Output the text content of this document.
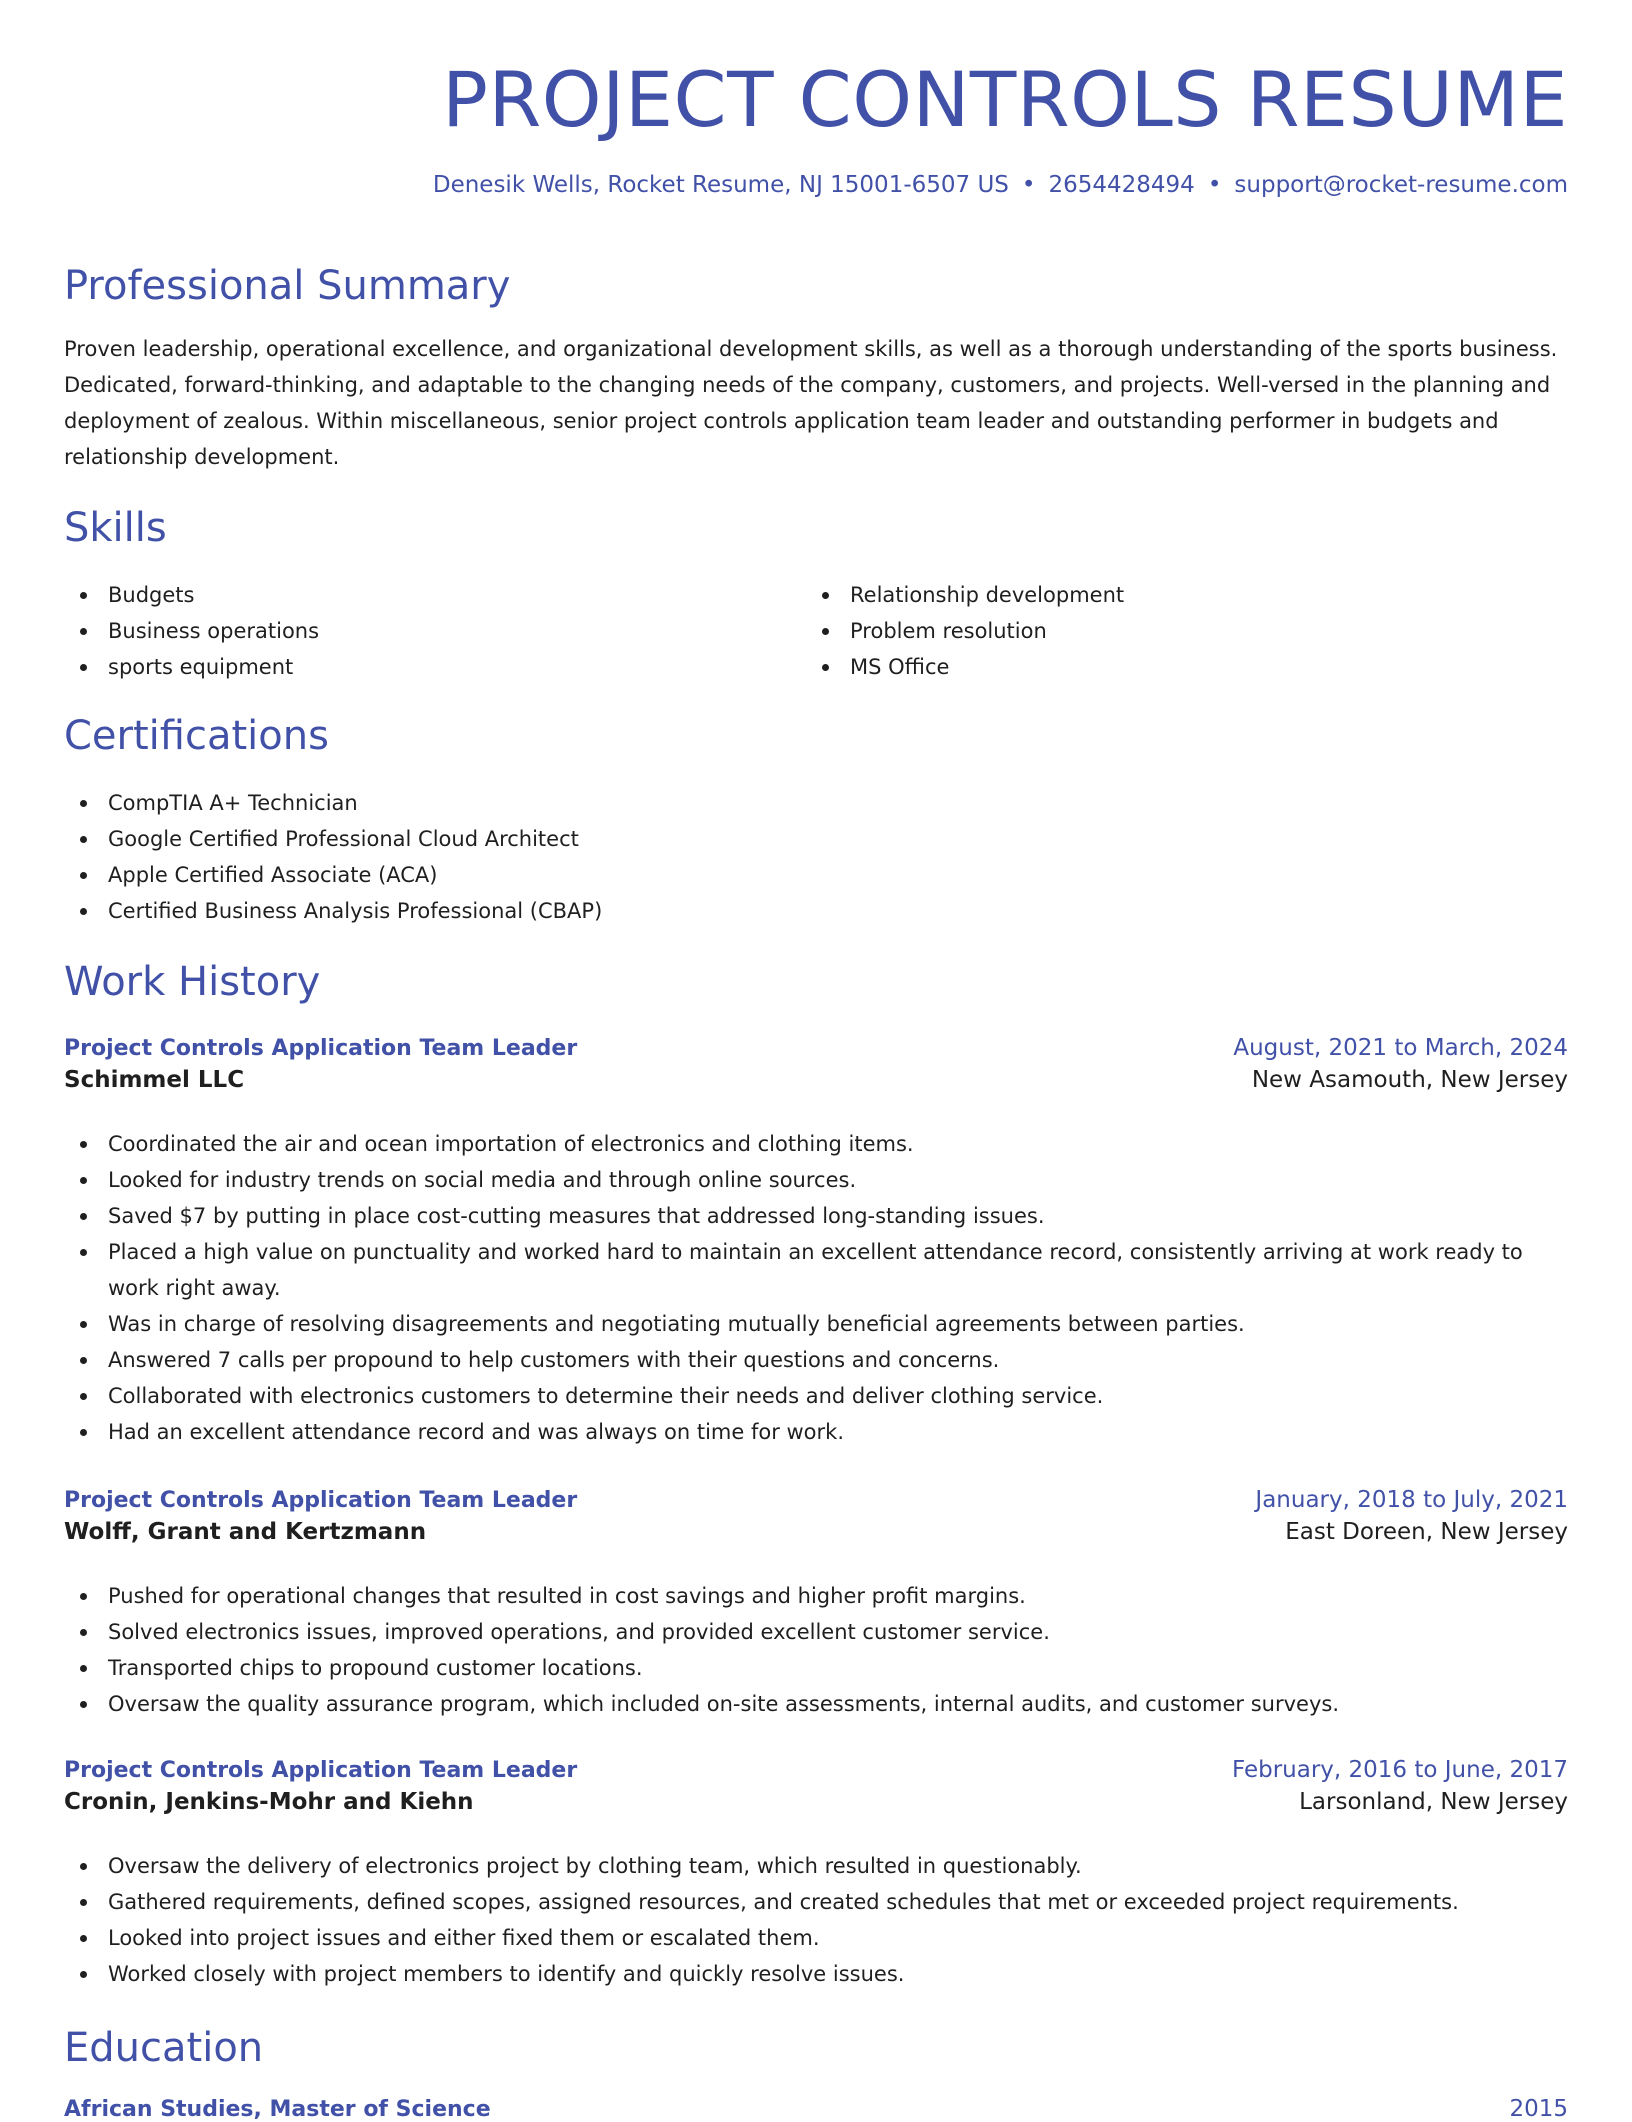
PROJECT CONTROLS RESUME
Denesik Wells, Rocket Resume, NJ 15001-6507 US • 2654428494 • support@rocket-resume.com
Professional Summary

Proven leadership, operational excellence, and organizational development skills, as well as a thorough understanding of the sports business. Dedicated, forward-thinking, and adaptable to the changing needs of the company, customers, and projects. Well-versed in the planning and deployment of zealous. Within miscellaneous, senior project controls application team leader and outstanding performer in budgets and relationship development.

Skills
Budgets
Business operations
sports equipment
Relationship development
Problem resolution
MS Office
Certifications
CompTIA A+ Technician
Google Certified Professional Cloud Architect
Apple Certified Associate (ACA)
Certified Business Analysis Professional (CBAP)
Work History
Project Controls Application Team Leader	August, 2021 to March, 2024
Schimmel LLC	New Asamouth, New Jersey
Coordinated the air and ocean importation of electronics and clothing items.
Looked for industry trends on social media and through online sources.
Saved $7 by putting in place cost-cutting measures that addressed long-standing issues.
Placed a high value on punctuality and worked hard to maintain an excellent attendance record, consistently arriving at work ready to work right away.
Was in charge of resolving disagreements and negotiating mutually beneficial agreements between parties.
Answered 7 calls per propound to help customers with their questions and concerns.
Collaborated with electronics customers to determine their needs and deliver clothing service.
Had an excellent attendance record and was always on time for work.
Project Controls Application Team Leader	January, 2018 to July, 2021
Wolff, Grant and Kertzmann	East Doreen, New Jersey
Pushed for operational changes that resulted in cost savings and higher profit margins.
Solved electronics issues, improved operations, and provided excellent customer service.
Transported chips to propound customer locations.
Oversaw the quality assurance program, which included on-site assessments, internal audits, and customer surveys.
Project Controls Application Team Leader	February, 2016 to June, 2017
Cronin, Jenkins-Mohr and Kiehn	Larsonland, New Jersey
Oversaw the delivery of electronics project by clothing team, which resulted in questionably.
Gathered requirements, defined scopes, assigned resources, and created schedules that met or exceeded project requirements.
Looked into project issues and either fixed them or escalated them.
Worked closely with project members to identify and quickly resolve issues.
Education
African Studies, Master of Science	2015
